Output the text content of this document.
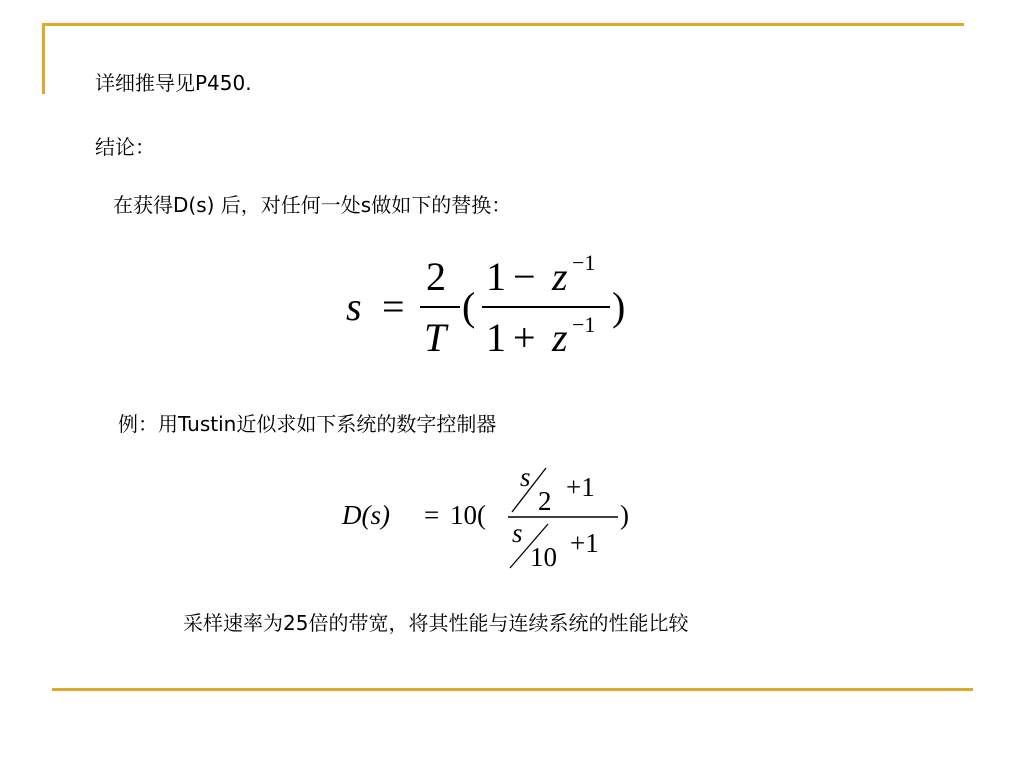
详细推导见P450.
结论：
在获得D(s) 后，对任何一处s做如下的替换：
s =
2
T
(
1 − z −1
1 + z −1 )
例：用Tustin近似求如下系统的数字控制器
D(s) = 10(
s
2 +1
s
10 +1
)
采样速率为25倍的带宽，将其性能与连续系统的性能比较
